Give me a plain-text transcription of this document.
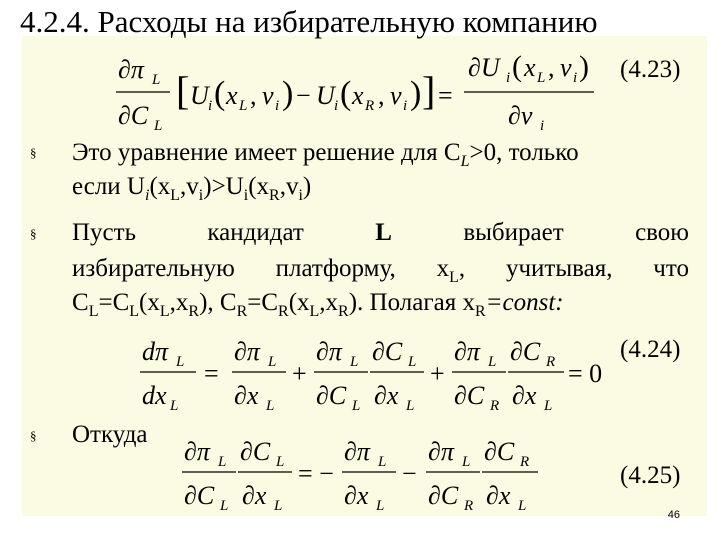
4.2.4. Расходы на избирательную компанию
∂π L
∂C L
[ U i ( x L , v i ) − U i ( x R , v i ) ] =
∂U i ( x L , v i )
∂v i
(4.23)
§ Это уравнение имеет решение для $C_L>0$, только
если $U_i(x_L,v_i)>U_i(x_R,v_i)$
§ Пусть	кандидат	L	выбирает	свою
избирательную платформу, $x_L$, учитывая, что
$C_L=C_L(x_L,x_R)$, $C_R=C_R(x_L,x_R)$. Полагая $x_R=const$:
dπ L
dx L
=
∂π L
∂x L
+
∂π L
∂C L
∂C L
∂x L
+
∂π L
∂C R
∂C R
∂x L
= 0
(4.24)
§ Откуда
∂π L
∂C L
∂C L
∂x L
= −
∂π L
∂x L
−
∂π L
∂C R
∂C R
∂x L
(4.25)
46
